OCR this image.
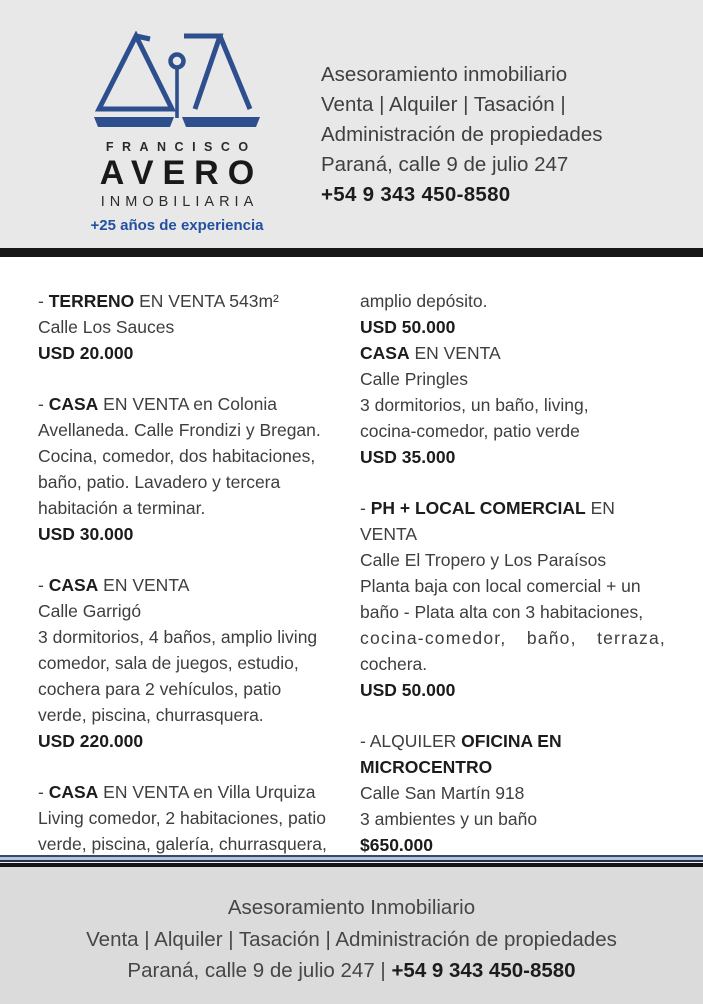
FRANCISCO
AVERO
INMOBILIARIA
+25 años de experiencia
Asesoramiento inmobiliario
Venta | Alquiler | Tasación |
Administración de propiedades
Paraná, calle 9 de julio 247
+54 9 343 450-8580
- TERRENO EN VENTA 543m²
Calle Los Sauces
USD 20.000
- CASA EN VENTA en Colonia
Avellaneda. Calle Frondizi y Bregan.
Cocina, comedor, dos habitaciones,
baño, patio. Lavadero y tercera
habitación a terminar.
USD 30.000
- CASA EN VENTA
Calle Garrigó
3 dormitorios, 4 baños, amplio living
comedor, sala de juegos, estudio,
cochera para 2 vehículos, patio
verde, piscina, churrasquera.
USD 220.000
- CASA EN VENTA en Villa Urquiza
Living comedor, 2 habitaciones, patio
verde, piscina, galería, churrasquera,
amplio depósito.
USD 50.000
CASA EN VENTA
Calle Pringles
3 dormitorios, un baño, living,
cocina-comedor, patio verde
USD 35.000
- PH + LOCAL COMERCIAL EN
VENTA
Calle El Tropero y Los Paraísos
Planta baja con local comercial + un
baño - Plata alta con 3 habitaciones,
cocina-comedor, baño, terraza,
cochera.
USD 50.000
- ALQUILER OFICINA EN
MICROCENTRO
Calle San Martín 918
3 ambientes y un baño
$650.000
Asesoramiento Inmobiliario
Venta | Alquiler | Tasación | Administración de propiedades
Paraná, calle 9 de julio 247 | +54 9 343 450-8580
